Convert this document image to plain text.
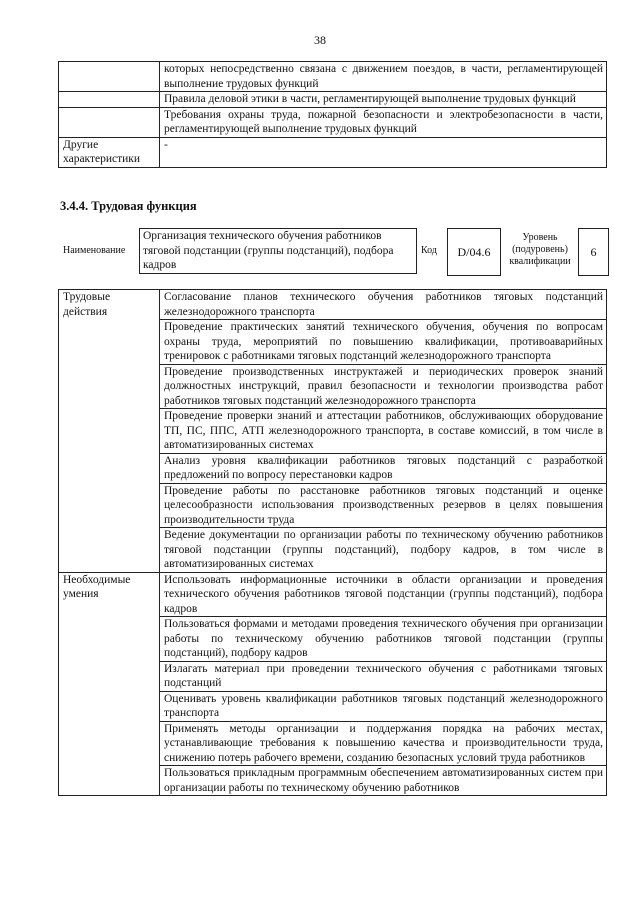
38
	которых непосредственно связана с движением поездов, в части, регламентирующей выполнение трудовых функций
	Правила деловой этики в части, регламентирующей выполнение трудовых функций
	Требования охраны труда, пожарной безопасности и электробезопасности в части, регламентирующей выполнение трудовых функций
Другие характеристики	-
3.4.4. Трудовая функция
Наименование
Организация технического обучения работников тяговой подстанции (группы подстанций), подбора кадров
Код	D/04.6
Уровень (подуровень) квалификации
6
Трудовые действия	Согласование планов технического обучения работников тяговых подстанций железнодорожного транспорта
	Проведение практических занятий технического обучения, обучения по вопросам охраны труда, мероприятий по повышению квалификации, противоаварийных тренировок с работниками тяговых подстанций железнодорожного транспорта
	Проведение производственных инструктажей и периодических проверок знаний должностных инструкций, правил безопасности и технологии производства работ работников тяговых подстанций железнодорожного транспорта
	Проведение проверки знаний и аттестации работников, обслуживающих оборудование ТП, ПС, ППС, АТП железнодорожного транспорта, в составе комиссий, в том числе в автоматизированных системах
	Анализ уровня квалификации работников тяговых подстанций с разработкой предложений по вопросу перестановки кадров
	Проведение работы по расстановке работников тяговых подстанций и оценке целесообразности использования производственных резервов в целях повышения производительности труда
	Ведение документации по организации работы по техническому обучению работников тяговой подстанции (группы подстанций), подбору кадров, в том числе в автоматизированных системах
Необходимые умения	Использовать информационные источники в области организации и проведения технического обучения работников тяговой подстанции (группы подстанций), подбора кадров
	Пользоваться формами и методами проведения технического обучения при организации работы по техническому обучению работников тяговой подстанции (группы подстанций), подбору кадров
	Излагать материал при проведении технического обучения с работниками тяговых подстанций
	Оценивать уровень квалификации работников тяговых подстанций железнодорожного транспорта
	Применять методы организации и поддержания порядка на рабочих местах, устанавливающие требования к повышению качества и производительности труда, снижению потерь рабочего времени, созданию безопасных условий труда работников
	Пользоваться прикладным программным обеспечением автоматизированных систем при организации работы по техническому обучению работников
